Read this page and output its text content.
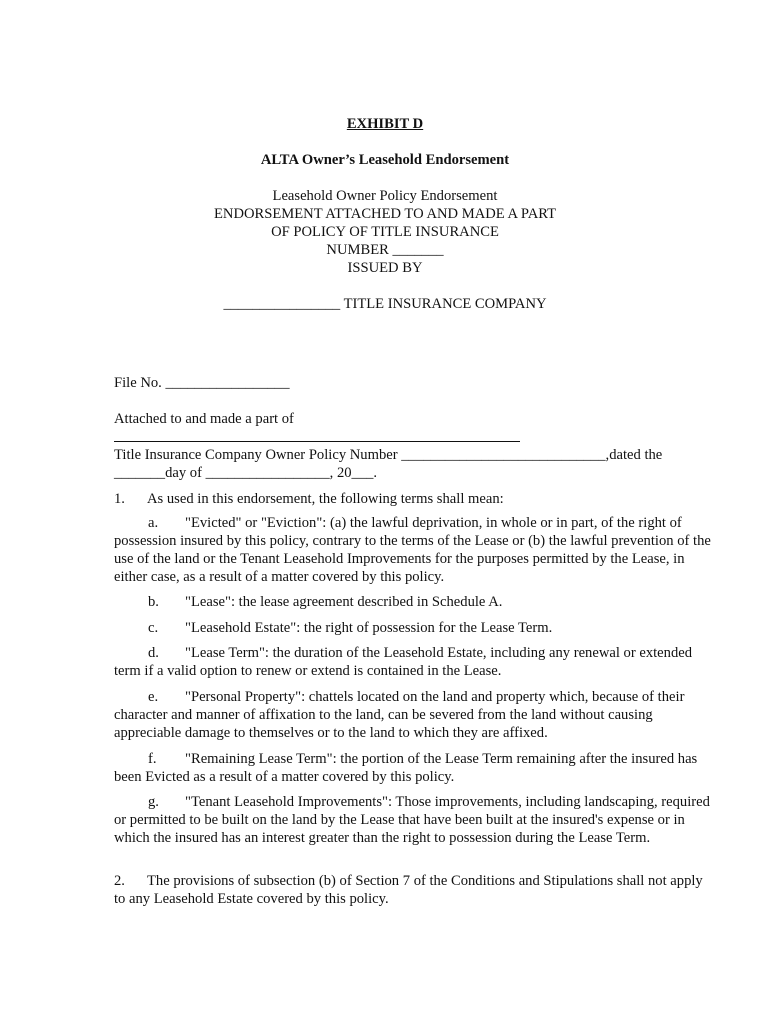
EXHIBIT D
ALTA Owner’s Leasehold Endorsement
Leasehold Owner Policy Endorsement
ENDORSEMENT ATTACHED TO AND MADE A PART
OF POLICY OF TITLE INSURANCE
NUMBER _______
ISSUED BY
________________ TITLE INSURANCE COMPANY
File No. _________________
Attached to and made a part of
Title Insurance Company Owner Policy Number ____________________________,dated the
_______day of _________________, 20___.
1. As used in this endorsement, the following terms shall mean:
a. "Evicted" or "Eviction": (a) the lawful deprivation, in whole or in part, of the right of possession insured by this policy, contrary to the terms of the Lease or (b) the lawful prevention of the use of the land or the Tenant Leasehold Improvements for the purposes permitted by the Lease, in either case, as a result of a matter covered by this policy.
b. "Lease": the lease agreement described in Schedule A.
c. "Leasehold Estate": the right of possession for the Lease Term.
d. "Lease Term": the duration of the Leasehold Estate, including any renewal or extended term if a valid option to renew or extend is contained in the Lease.
e. "Personal Property": chattels located on the land and property which, because of their character and manner of affixation to the land, can be severed from the land without causing appreciable damage to themselves or to the land to which they are affixed.
f. "Remaining Lease Term": the portion of the Lease Term remaining after the insured has been Evicted as a result of a matter covered by this policy.
g. "Tenant Leasehold Improvements": Those improvements, including landscaping, required or permitted to be built on the land by the Lease that have been built at the insured's expense or in which the insured has an interest greater than the right to possession during the Lease Term.
2. The provisions of subsection (b) of Section 7 of the Conditions and Stipulations shall not apply to any Leasehold Estate covered by this policy.
